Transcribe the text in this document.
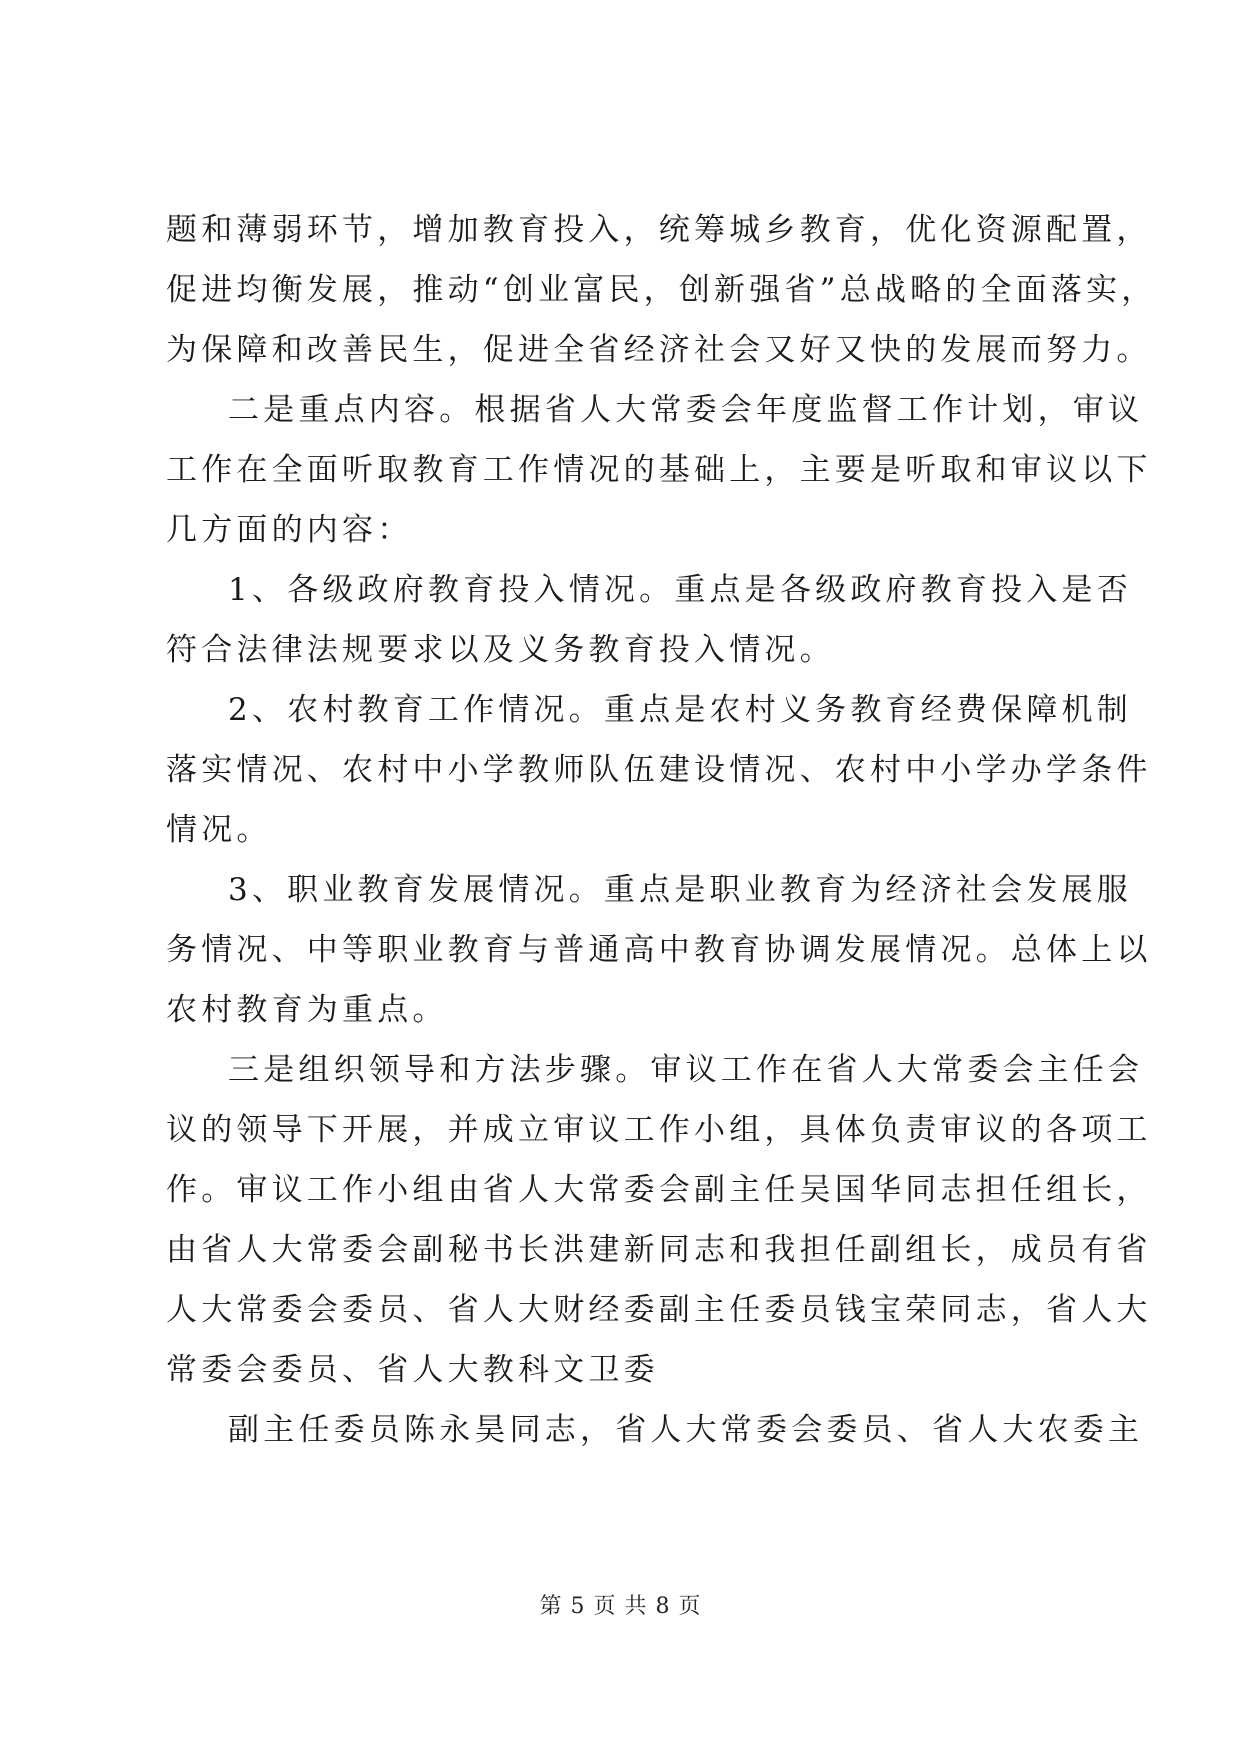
题和薄弱环节，增加教育投入，统筹城乡教育，优化资源配置，
促进均衡发展，推动“创业富民，创新强省”总战略的全面落实，
为保障和改善民生，促进全省经济社会又好又快的发展而努力。
二是重点内容。根据省人大常委会年度监督工作计划，审议
工作在全面听取教育工作情况的基础上，主要是听取和审议以下
几方面的内容：
1、各级政府教育投入情况。重点是各级政府教育投入是否
符合法律法规要求以及义务教育投入情况。
2、农村教育工作情况。重点是农村义务教育经费保障机制
落实情况、农村中小学教师队伍建设情况、农村中小学办学条件
情况。
3、职业教育发展情况。重点是职业教育为经济社会发展服
务情况、中等职业教育与普通高中教育协调发展情况。总体上以
农村教育为重点。
三是组织领导和方法步骤。审议工作在省人大常委会主任会
议的领导下开展，并成立审议工作小组，具体负责审议的各项工
作。审议工作小组由省人大常委会副主任吴国华同志担任组长，
由省人大常委会副秘书长洪建新同志和我担任副组长，成员有省
人大常委会委员、省人大财经委副主任委员钱宝荣同志，省人大
常委会委员、省人大教科文卫委
副主任委员陈永昊同志，省人大常委会委员、省人大农委主
第 5 页 共 8 页
